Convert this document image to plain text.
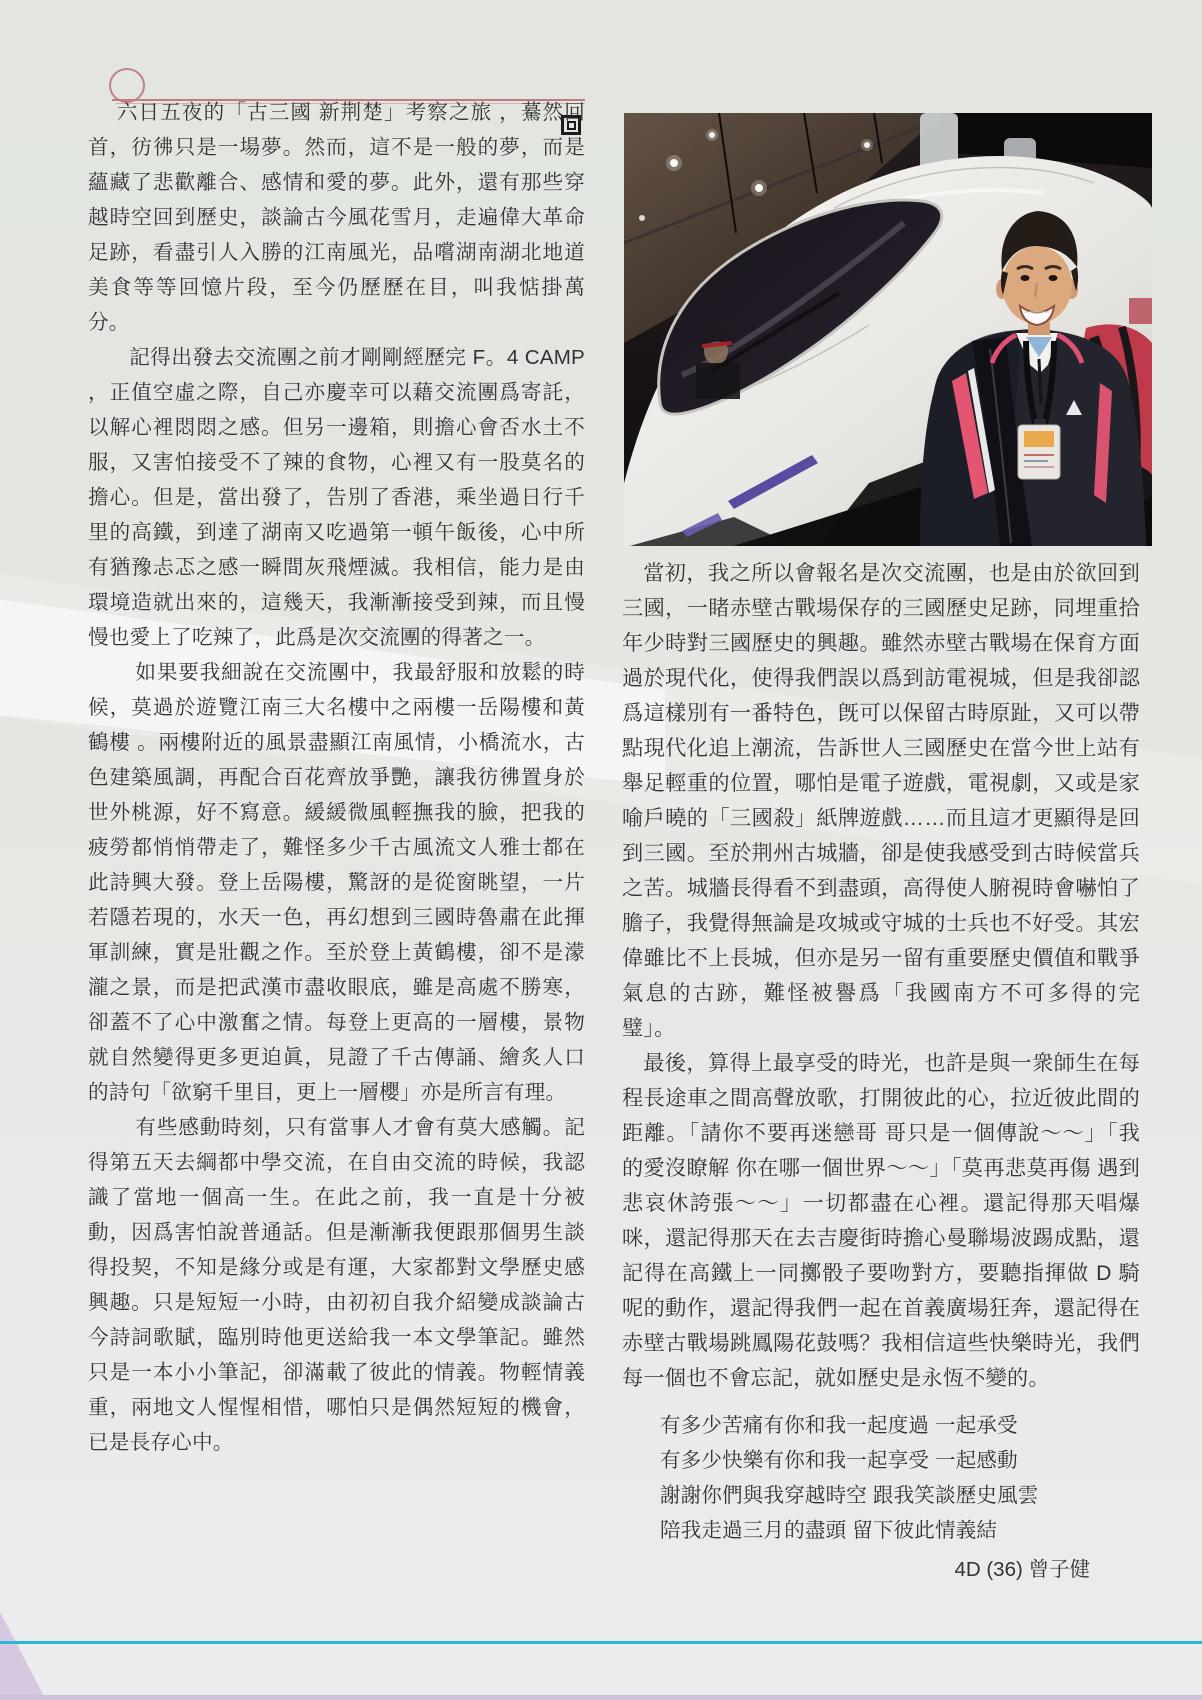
六日五夜的「古三國 新荆楚」考察之旅 ，驀然回首，彷彿只是一場夢。然而，這不是一般的夢，而是蘊藏了悲歡離合、感情和愛的夢。此外，還有那些穿越時空回到歷史，談論古今風花雪月，走遍偉大革命足跡，看盡引人入勝的江南風光，品嚐湖南湖北地道美食等等回憶片段，至今仍歷歷在目，叫我惦掛萬分。

記得出發去交流團之前才剛剛經歷完 F。4 CAMP ，正值空虛之際，自己亦慶幸可以藉交流團爲寄託，以解心裡悶悶之感。但另一邊箱，則擔心會否水土不服，又害怕接受不了辣的食物，心裡又有一股莫名的擔心。但是，當出發了，告別了香港，乘坐過日行千里的高鐵，到達了湖南又吃過第一頓午飯後，心中所有猶豫忐忑之感一瞬間灰飛煙滅。我相信，能力是由環境造就出來的，這幾天，我漸漸接受到辣，而且慢慢也愛上了吃辣了，此爲是次交流團的得著之一。

如果要我細說在交流團中，我最舒服和放鬆的時候，莫過於遊覽江南三大名樓中之兩樓一岳陽樓和黃鶴樓 。兩樓附近的風景盡顯江南風情，小橋流水，古色建築風調，再配合百花齊放爭艷，讓我彷彿置身於世外桃源，好不寫意。緩緩微風輕撫我的臉，把我的疲勞都悄悄帶走了，難怪多少千古風流文人雅士都在此詩興大發。登上岳陽樓，驚訝的是從窗眺望，一片若隱若現的，水天一色，再幻想到三國時魯肅在此揮軍訓練，實是壯觀之作。至於登上黃鶴樓，卻不是濛瀧之景，而是把武漢市盡收眼底，雖是高處不勝寒，卻蓋不了心中激奮之情。每登上更高的一層樓，景物就自然變得更多更迫眞，見證了千古傳誦、繪炙人口的詩句「欲窮千里目，更上一層櫻」亦是所言有理。

有些感動時刻，只有當事人才會有莫大感觸。記得第五天去綱都中學交流，在自由交流的時候，我認識了當地一個高一生。在此之前，我一直是十分被動，因爲害怕說普通話。但是漸漸我便跟那個男生談得投契，不知是緣分或是有運，大家都對文學歷史感興趣。只是短短一小時，由初初自我介紹變成談論古今詩詞歌賦，臨別時他更送給我一本文學筆記。雖然只是一本小小筆記，卻滿載了彼此的情義。物輕情義重，兩地文人惺惺相惜，哪怕只是偶然短短的機會，已是長存心中。

當初，我之所以會報名是次交流團，也是由於欲回到三國，一睹赤壁古戰場保存的三國歷史足跡，同埋重拾年少時對三國歷史的興趣。雖然赤壁古戰場在保育方面過於現代化，使得我們誤以爲到訪電視城，但是我卻認爲這樣別有一番特色，旣可以保留古時原趾，又可以帶點現代化追上潮流，告訴世人三國歷史在當今世上站有舉足輕重的位置，哪怕是電子遊戲，電視劇，又或是家喻戶曉的「三國殺」紙牌遊戲……而且這才更顯得是回到三國。至於荆州古城牆，卻是使我感受到古時候當兵之苦。城牆長得看不到盡頭，高得使人腑視時會嚇怕了膽子，我覺得無論是攻城或守城的士兵也不好受。其宏偉雖比不上長城，但亦是另一留有重要歷史價值和戰爭氣息的古跡，難怪被譽爲「我國南方不可多得的完璧」。

最後，算得上最享受的時光，也許是與一衆師生在每程長途車之間高聲放歌，打開彼此的心，拉近彼此間的距離。「請你不要再迷戀哥 哥只是一個傳說～～」「我的愛沒瞭解 你在哪一個世界～～」「莫再悲莫再傷 遇到悲哀休誇張～～」一切都盡在心裡。還記得那天唱爆咪，還記得那天在去吉慶街時擔心曼聯場波踢成點，還記得在高鐵上一同擲骰子要吻對方，要聽指揮做 D 騎呢的動作，還記得我們一起在首義廣場狂奔，還記得在赤壁古戰場跳鳳陽花鼓嗎？我相信這些快樂時光，我們每一個也不會忘記，就如歷史是永恆不變的。

有多少苦痛有你和我一起度過 一起承受
有多少快樂有你和我一起享受 一起感動
謝謝你們與我穿越時空 跟我笑談歷史風雲
陪我走過三月的盡頭 留下彼此情義結
4D (36) 曾子健
